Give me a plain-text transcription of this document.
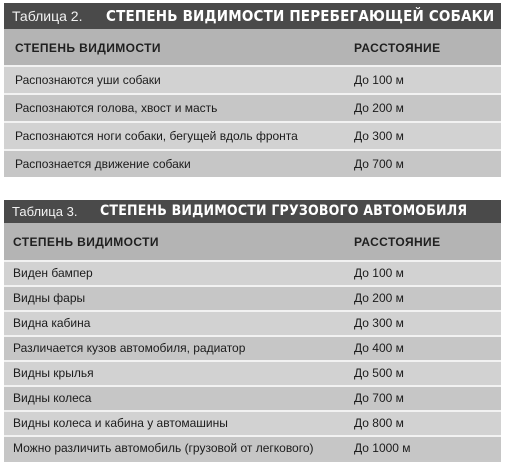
Таблица 2. СТЕПЕНЬ ВИДИМОСТИ ПЕРЕБЕГАЮЩЕЙ СОБАКИ
СТЕПЕНЬ ВИДИМОСТИ	РАССТОЯНИЕ
Распознаются уши собаки	До 100 м
Распознаются голова, хвост и масть	До 200 м
Распознаются ноги собаки, бегущей вдоль фронта	До 300 м
Распознается движение собаки	До 700 м
Таблица 3. СТЕПЕНЬ ВИДИМОСТИ ГРУЗОВОГО АВТОМОБИЛЯ
СТЕПЕНЬ ВИДИМОСТИ	РАССТОЯНИЕ
Виден бампер	До 100 м
Видны фары	До 200 м
Видна кабина	До 300 м
Различается кузов автомобиля, радиатор	До 400 м
Видны крылья	До 500 м
Видны колеса	До 700 м
Видны колеса и кабина у автомашины	До 800 м
Можно различить автомобиль (грузовой от легкового)	До 1000 м
